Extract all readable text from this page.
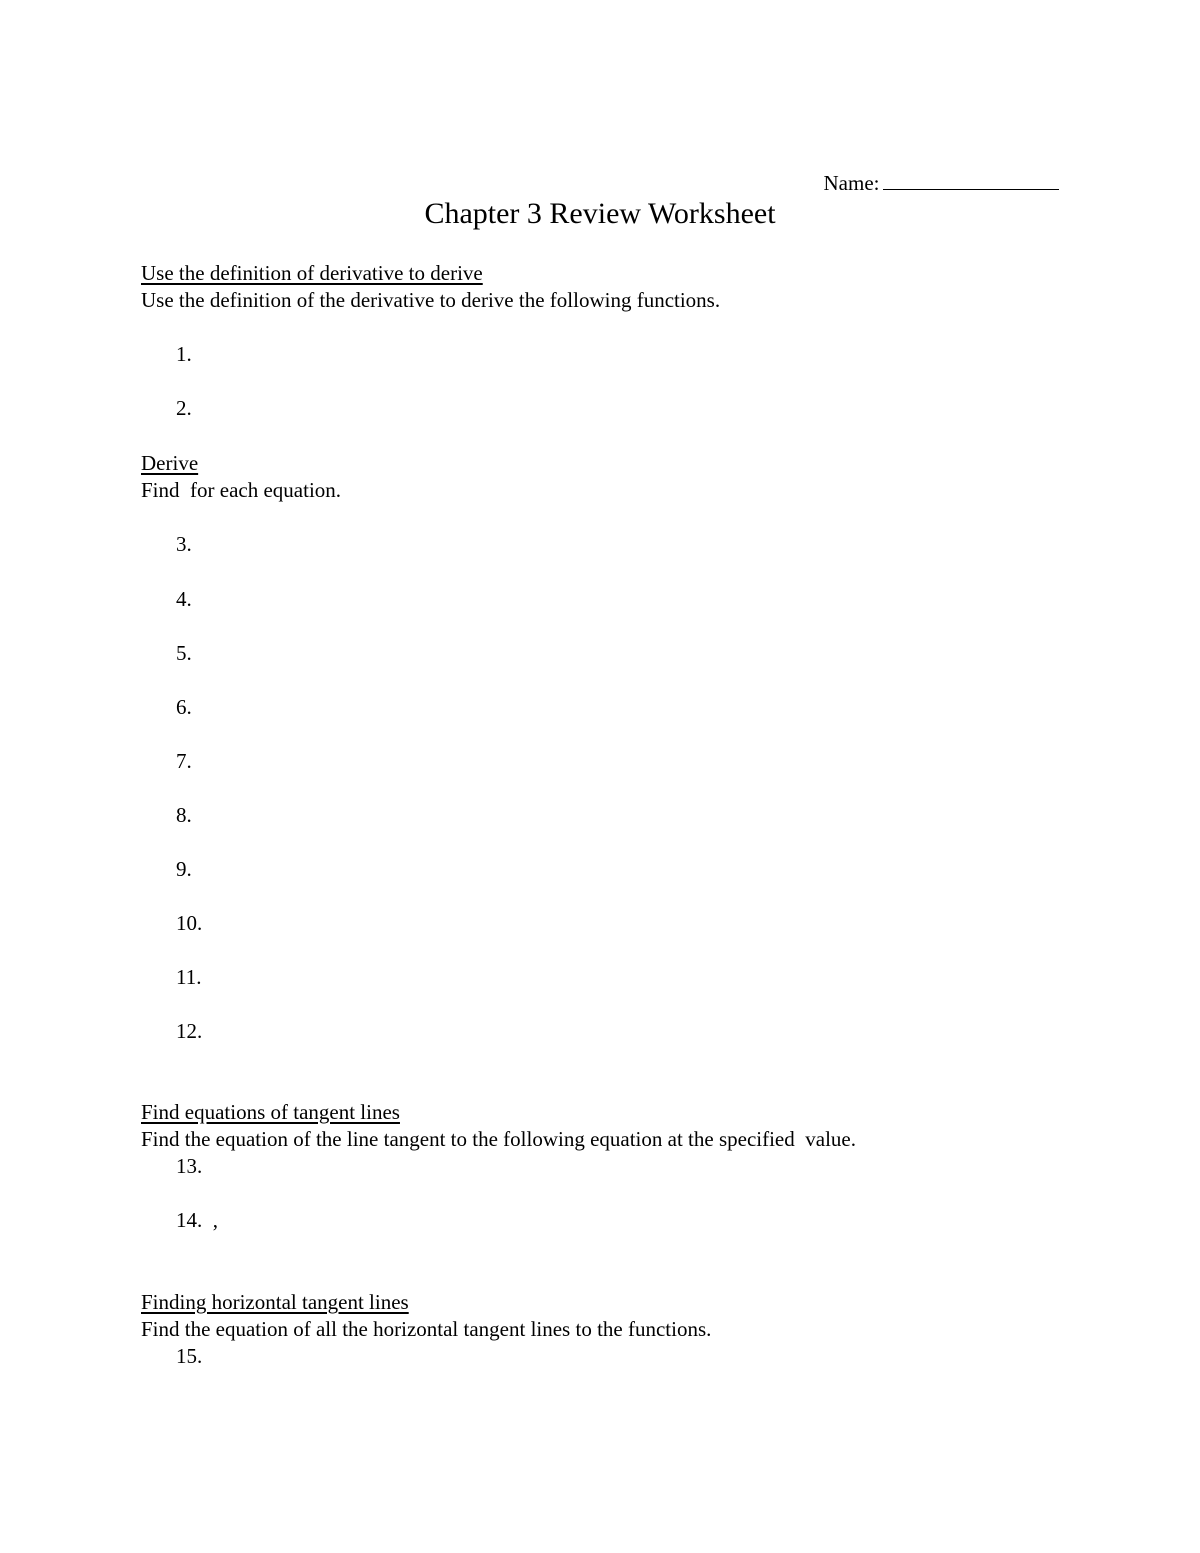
Name:

Chapter 3 Review Worksheet
Use the definition of derivative to derive
Use the definition of the derivative to derive the following functions.
1.
2.
Derive
Find  for each equation.
3.
4.
5.
6.
7.
8.
9.
10.
11.
12.
Find equations of tangent lines
Find the equation of the line tangent to the following equation at the specified  value.
13.
14.  ,
Finding horizontal tangent lines
Find the equation of all the horizontal tangent lines to the functions.
15.
